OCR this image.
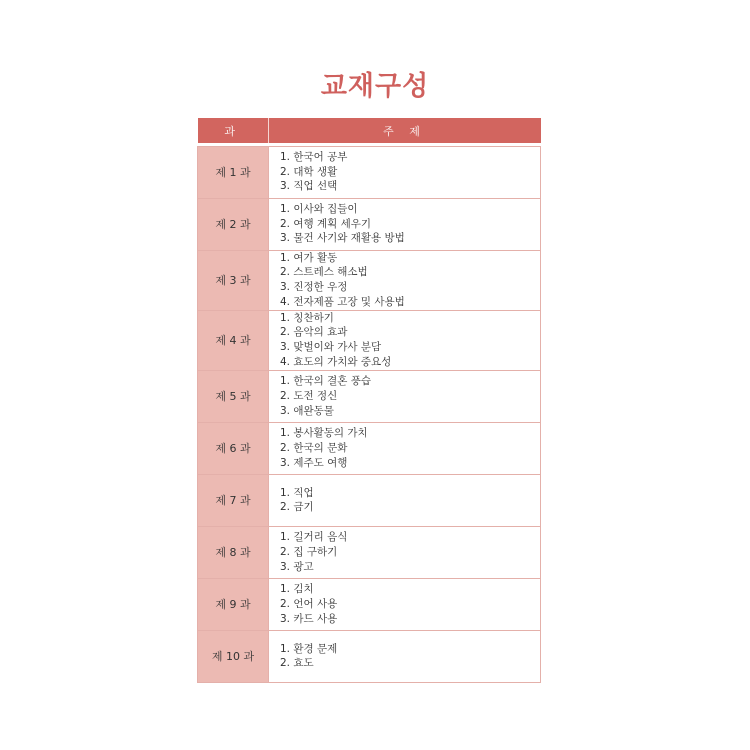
교재구성
과	주 제

제 1 과	1. 한국어 공부
2. 대학 생활
3. 직업 선택

제 2 과	1. 이사와 집들이
2. 여행 계획 세우기
3. 물건 사기와 재활용 방법

제 3 과	1. 여가 활동
2. 스트레스 해소법
3. 진정한 우정
4. 전자제품 고장 및 사용법

제 4 과	1. 칭찬하기
2. 음악의 효과
3. 맞벌이와 가사 분담
4. 효도의 가치와 중요성

제 5 과	1. 한국의 결혼 풍습
2. 도전 정신
3. 애완동물

제 6 과	1. 봉사활동의 가치
2. 한국의 문화
3. 제주도 여행

제 7 과	1. 직업
2. 금기

제 8 과	1. 길거리 음식
2. 집 구하기
3. 광고

제 9 과	1. 김치
2. 언어 사용
3. 카드 사용

제 10 과	1. 환경 문제
2. 효도
